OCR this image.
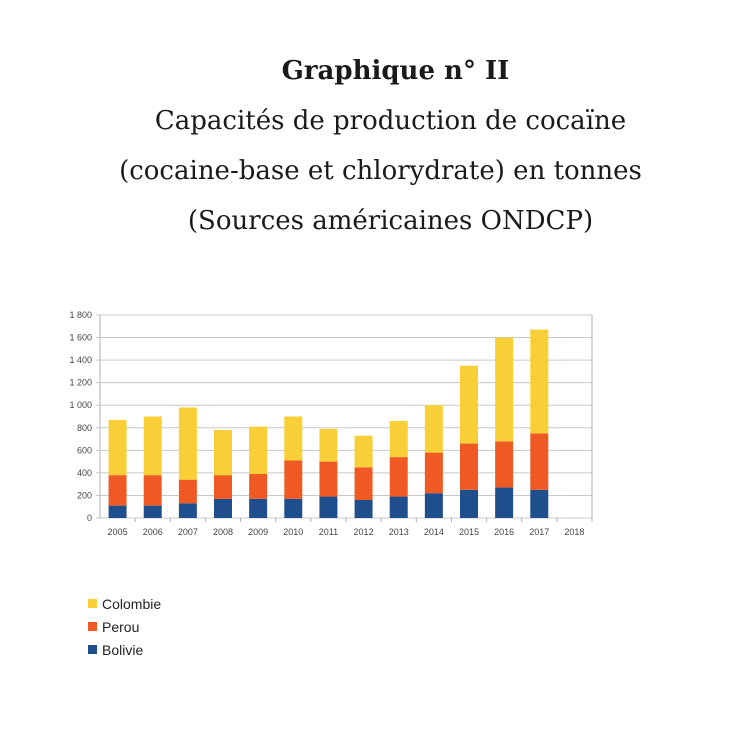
Graphique n° II
Capacités de production de cocaïne
(cocaine-base et chlorydrate) en tonnes
(Sources américaines ONDCP)
0
200
400
600
800
1 000
1 200
1 400
1 600
1 800
2005 2006 2007 2008 2009 2010 2011 2012 2013 2014 2015 2016 2017 2018
Colombie
Perou
Bolivie
